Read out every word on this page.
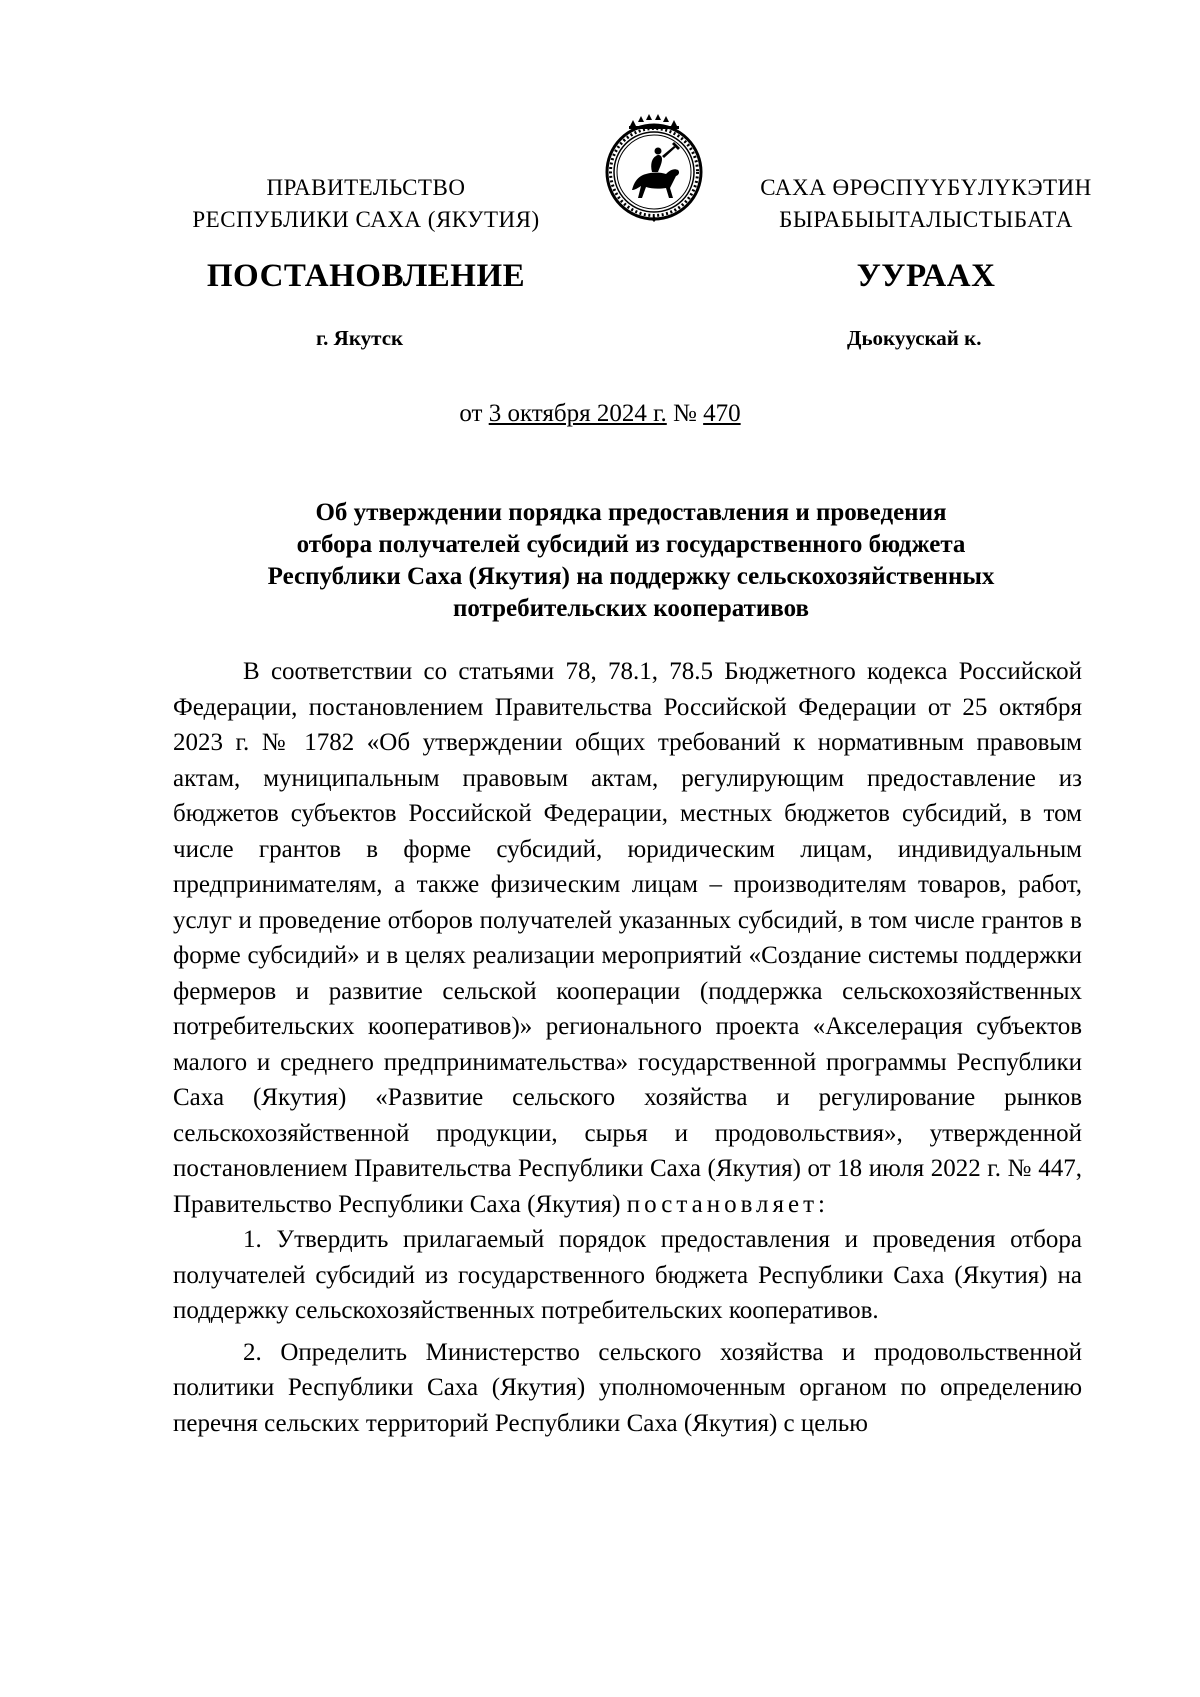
ПРАВИТЕЛЬСТВО
РЕСПУБЛИКИ САХА (ЯКУТИЯ)
САХА ӨРӨСПҮҮБҮЛҮКЭТИН
БЫРАБЫЫТАЛЫСТЫБАТА
ПОСТАНОВЛЕНИЕ	УУРААХ
г. Якутск	Дьокуускай к.
от 3 октября 2024 г. № 470
Об утверждении порядка предоставления и проведения
отбора получателей субсидий из государственного бюджета
Республики Саха (Якутия) на поддержку сельскохозяйственных
потребительских кооперативов

В соответствии со статьями 78, 78.1, 78.5 Бюджетного кодекса Российской Федерации, постановлением Правительства Российской Федерации от 25 октября 2023 г. № 1782 «Об утверждении общих требований к нормативным правовым актам, муниципальным правовым актам, регулирующим предоставление из бюджетов субъектов Российской Федерации, местных бюджетов субсидий, в том числе грантов в форме субсидий, юридическим лицам, индивидуальным предпринимателям, а также физическим лицам – производителям товаров, работ, услуг и проведение отборов получателей указанных субсидий, в том числе грантов в форме субсидий» и в целях реализации мероприятий «Создание системы поддержки фермеров и развитие сельской кооперации (поддержка сельскохозяйственных потребительских кооперативов)» регионального проекта «Акселерация субъектов малого и среднего предпринимательства» государственной программы Республики Саха (Якутия) «Развитие сельского хозяйства и регулирование рынков сельскохозяйственной продукции, сырья и продовольствия», утвержденной постановлением Правительства Республики Саха (Якутия) от 18 июля 2022 г. № 447, Правительство Республики Саха (Якутия) постановляет:

1. Утвердить прилагаемый порядок предоставления и проведения отбора получателей субсидий из государственного бюджета Республики Саха (Якутия) на поддержку сельскохозяйственных потребительских кооперативов.

2. Определить Министерство сельского хозяйства и продовольственной политики Республики Саха (Якутия) уполномоченным органом по определению перечня сельских территорий Республики Саха (Якутия) с целью
